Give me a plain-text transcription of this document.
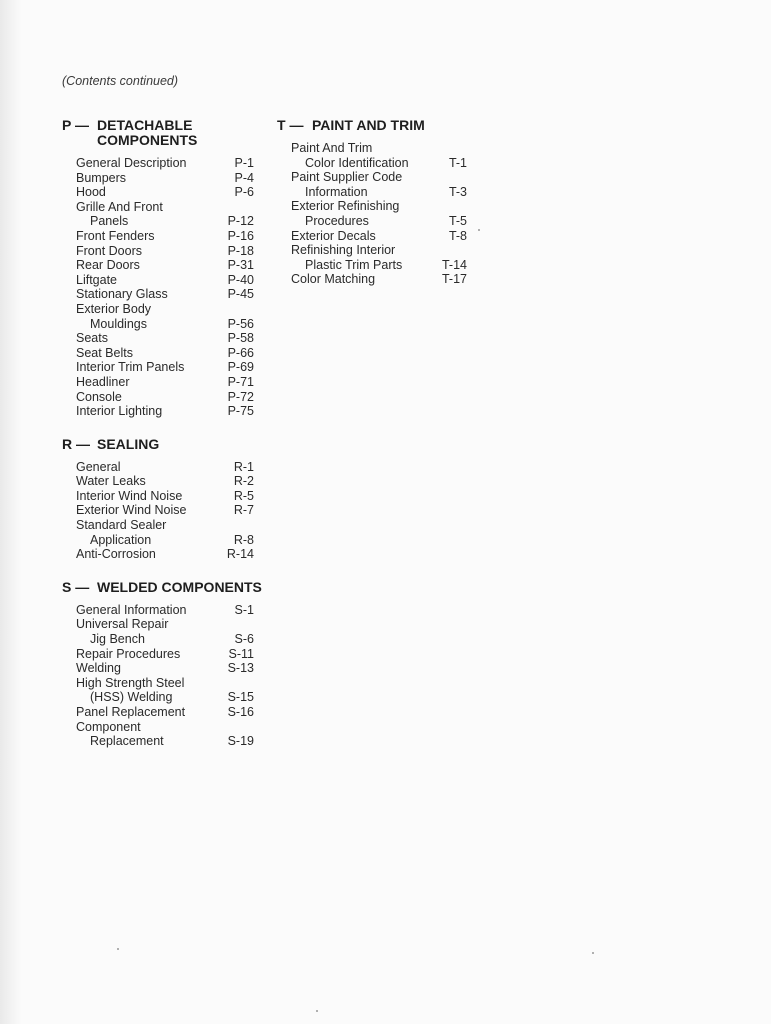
(Contents continued)
P — DETACHABLE COMPONENTS
General Description	P-1
Bumpers	P-4
Hood	P-6
Grille And Front
Panels	P-12
Front Fenders	P-16
Front Doors	P-18
Rear Doors	P-31
Liftgate	P-40
Stationary Glass	P-45
Exterior Body
Mouldings	P-56
Seats	P-58
Seat Belts	P-66
Interior Trim Panels	P-69
Headliner	P-71
Console	P-72
Interior Lighting	P-75
R — SEALING
General	R-1
Water Leaks	R-2
Interior Wind Noise	R-5
Exterior Wind Noise	R-7
Standard Sealer
Application	R-8
Anti-Corrosion	R-14
S — WELDED COMPONENTS
General Information	S-1
Universal Repair
Jig Bench	S-6
Repair Procedures	S-11
Welding	S-13
High Strength Steel
(HSS) Welding	S-15
Panel Replacement	S-16
Component
Replacement	S-19
T — PAINT AND TRIM
Paint And Trim
Color Identification	T-1
Paint Supplier Code
Information	T-3
Exterior Refinishing
Procedures	T-5
Exterior Decals	T-8
Refinishing Interior
Plastic Trim Parts	T-14
Color Matching	T-17
